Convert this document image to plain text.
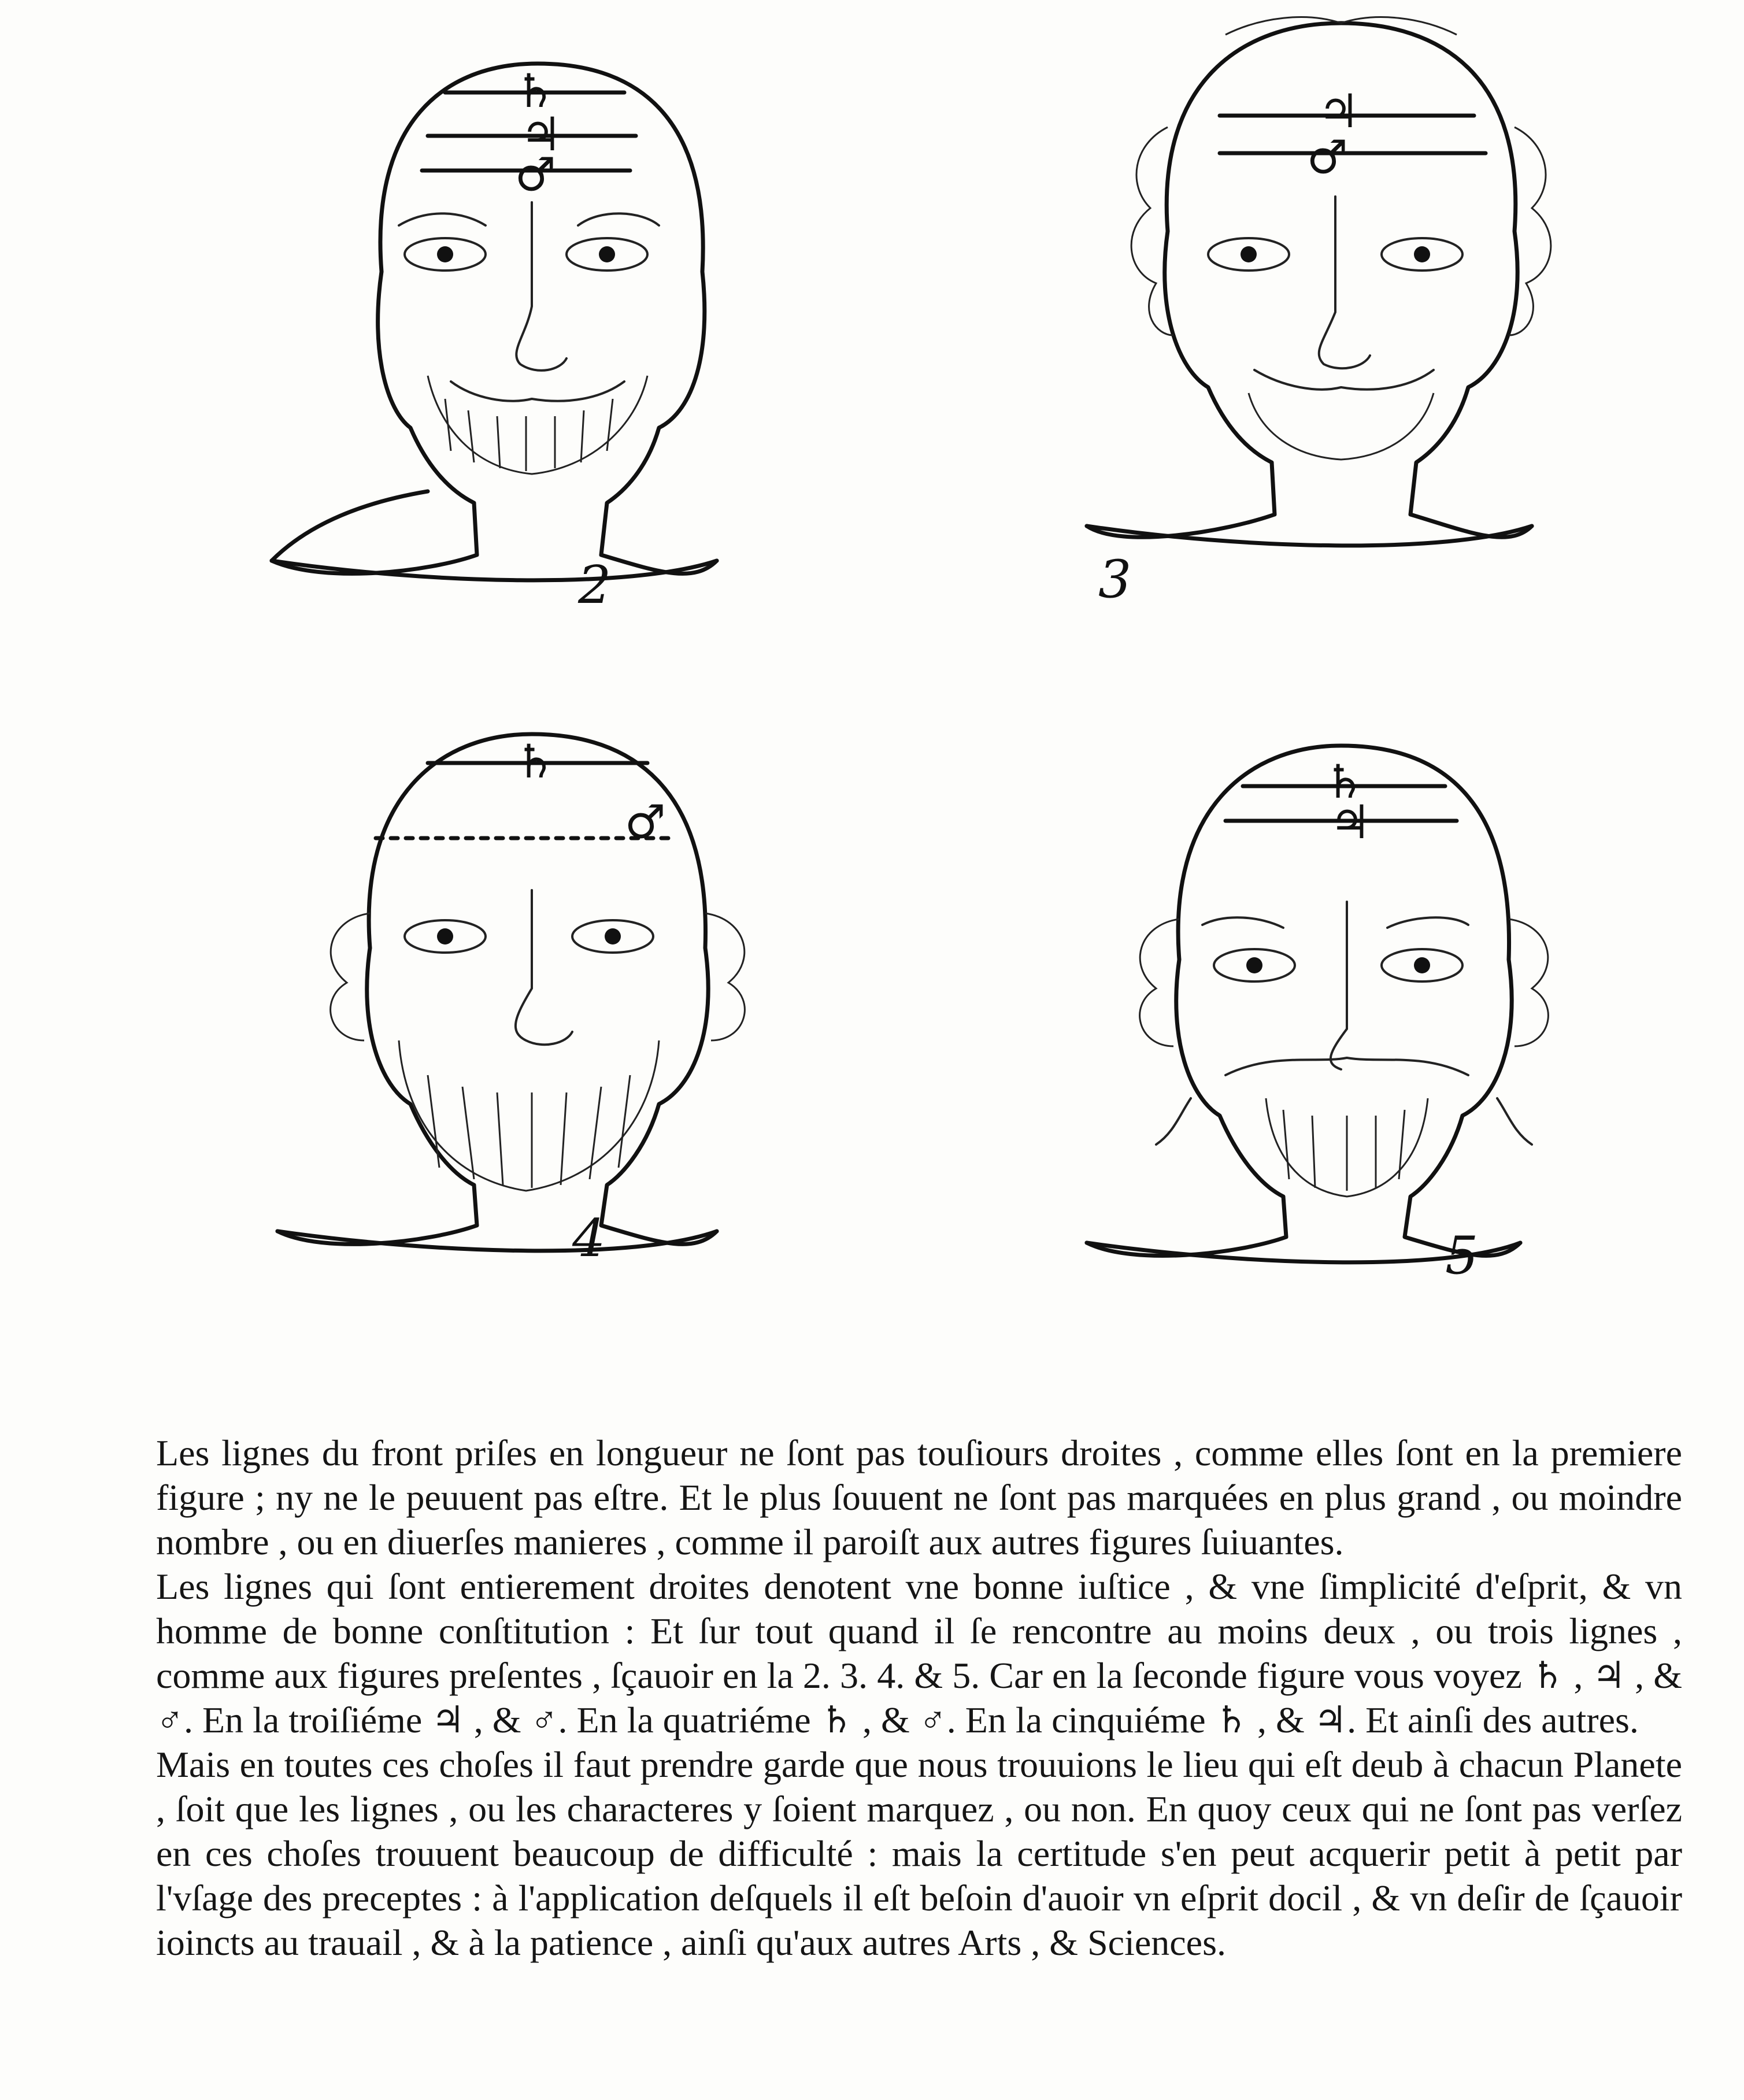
♄
♃
♂
2
♃
♂
3
♄
♂
4
♄
♃
5

Les lignes du front priſes en longueur ne ſont pas touſiours droites , comme elles ſont en la premiere figure ; ny ne le peuuent pas eſtre. Et le plus ſouuent ne ſont pas marquées en plus grand , ou moindre nombre , ou en diuerſes manieres , comme il paroiſt aux autres figures ſuiuantes.

Les lignes qui ſont entierement droites denotent vne bonne iuſtice , & vne ſimplicité d'eſprit, & vn homme de bonne conſtitution : Et ſur tout quand il ſe rencontre au moins deux , ou trois lignes , comme aux figures preſentes , ſçauoir en la 2. 3. 4. & 5. Car en la ſeconde figure vous voyez ♄ , ♃ , & ♂. En la troiſiéme ♃ , & ♂. En la quatriéme ♄ , & ♂. En la cinquiéme ♄ , & ♃. Et ainſi des autres.

Mais en toutes ces choſes il faut prendre garde que nous trouuions le lieu qui eſt deub à chacun Planete , ſoit que les lignes , ou les characteres y ſoient marquez , ou non. En quoy ceux qui ne ſont pas verſez en ces choſes trouuent beaucoup de difficulté : mais la certitude s'en peut acquerir petit à petit par l'vſage des preceptes : à l'application deſquels il eſt beſoin d'auoir vn eſprit docil , & vn deſir de ſçauoir ioincts au trauail , & à la patience , ainſi qu'aux autres Arts , & Sciences.
